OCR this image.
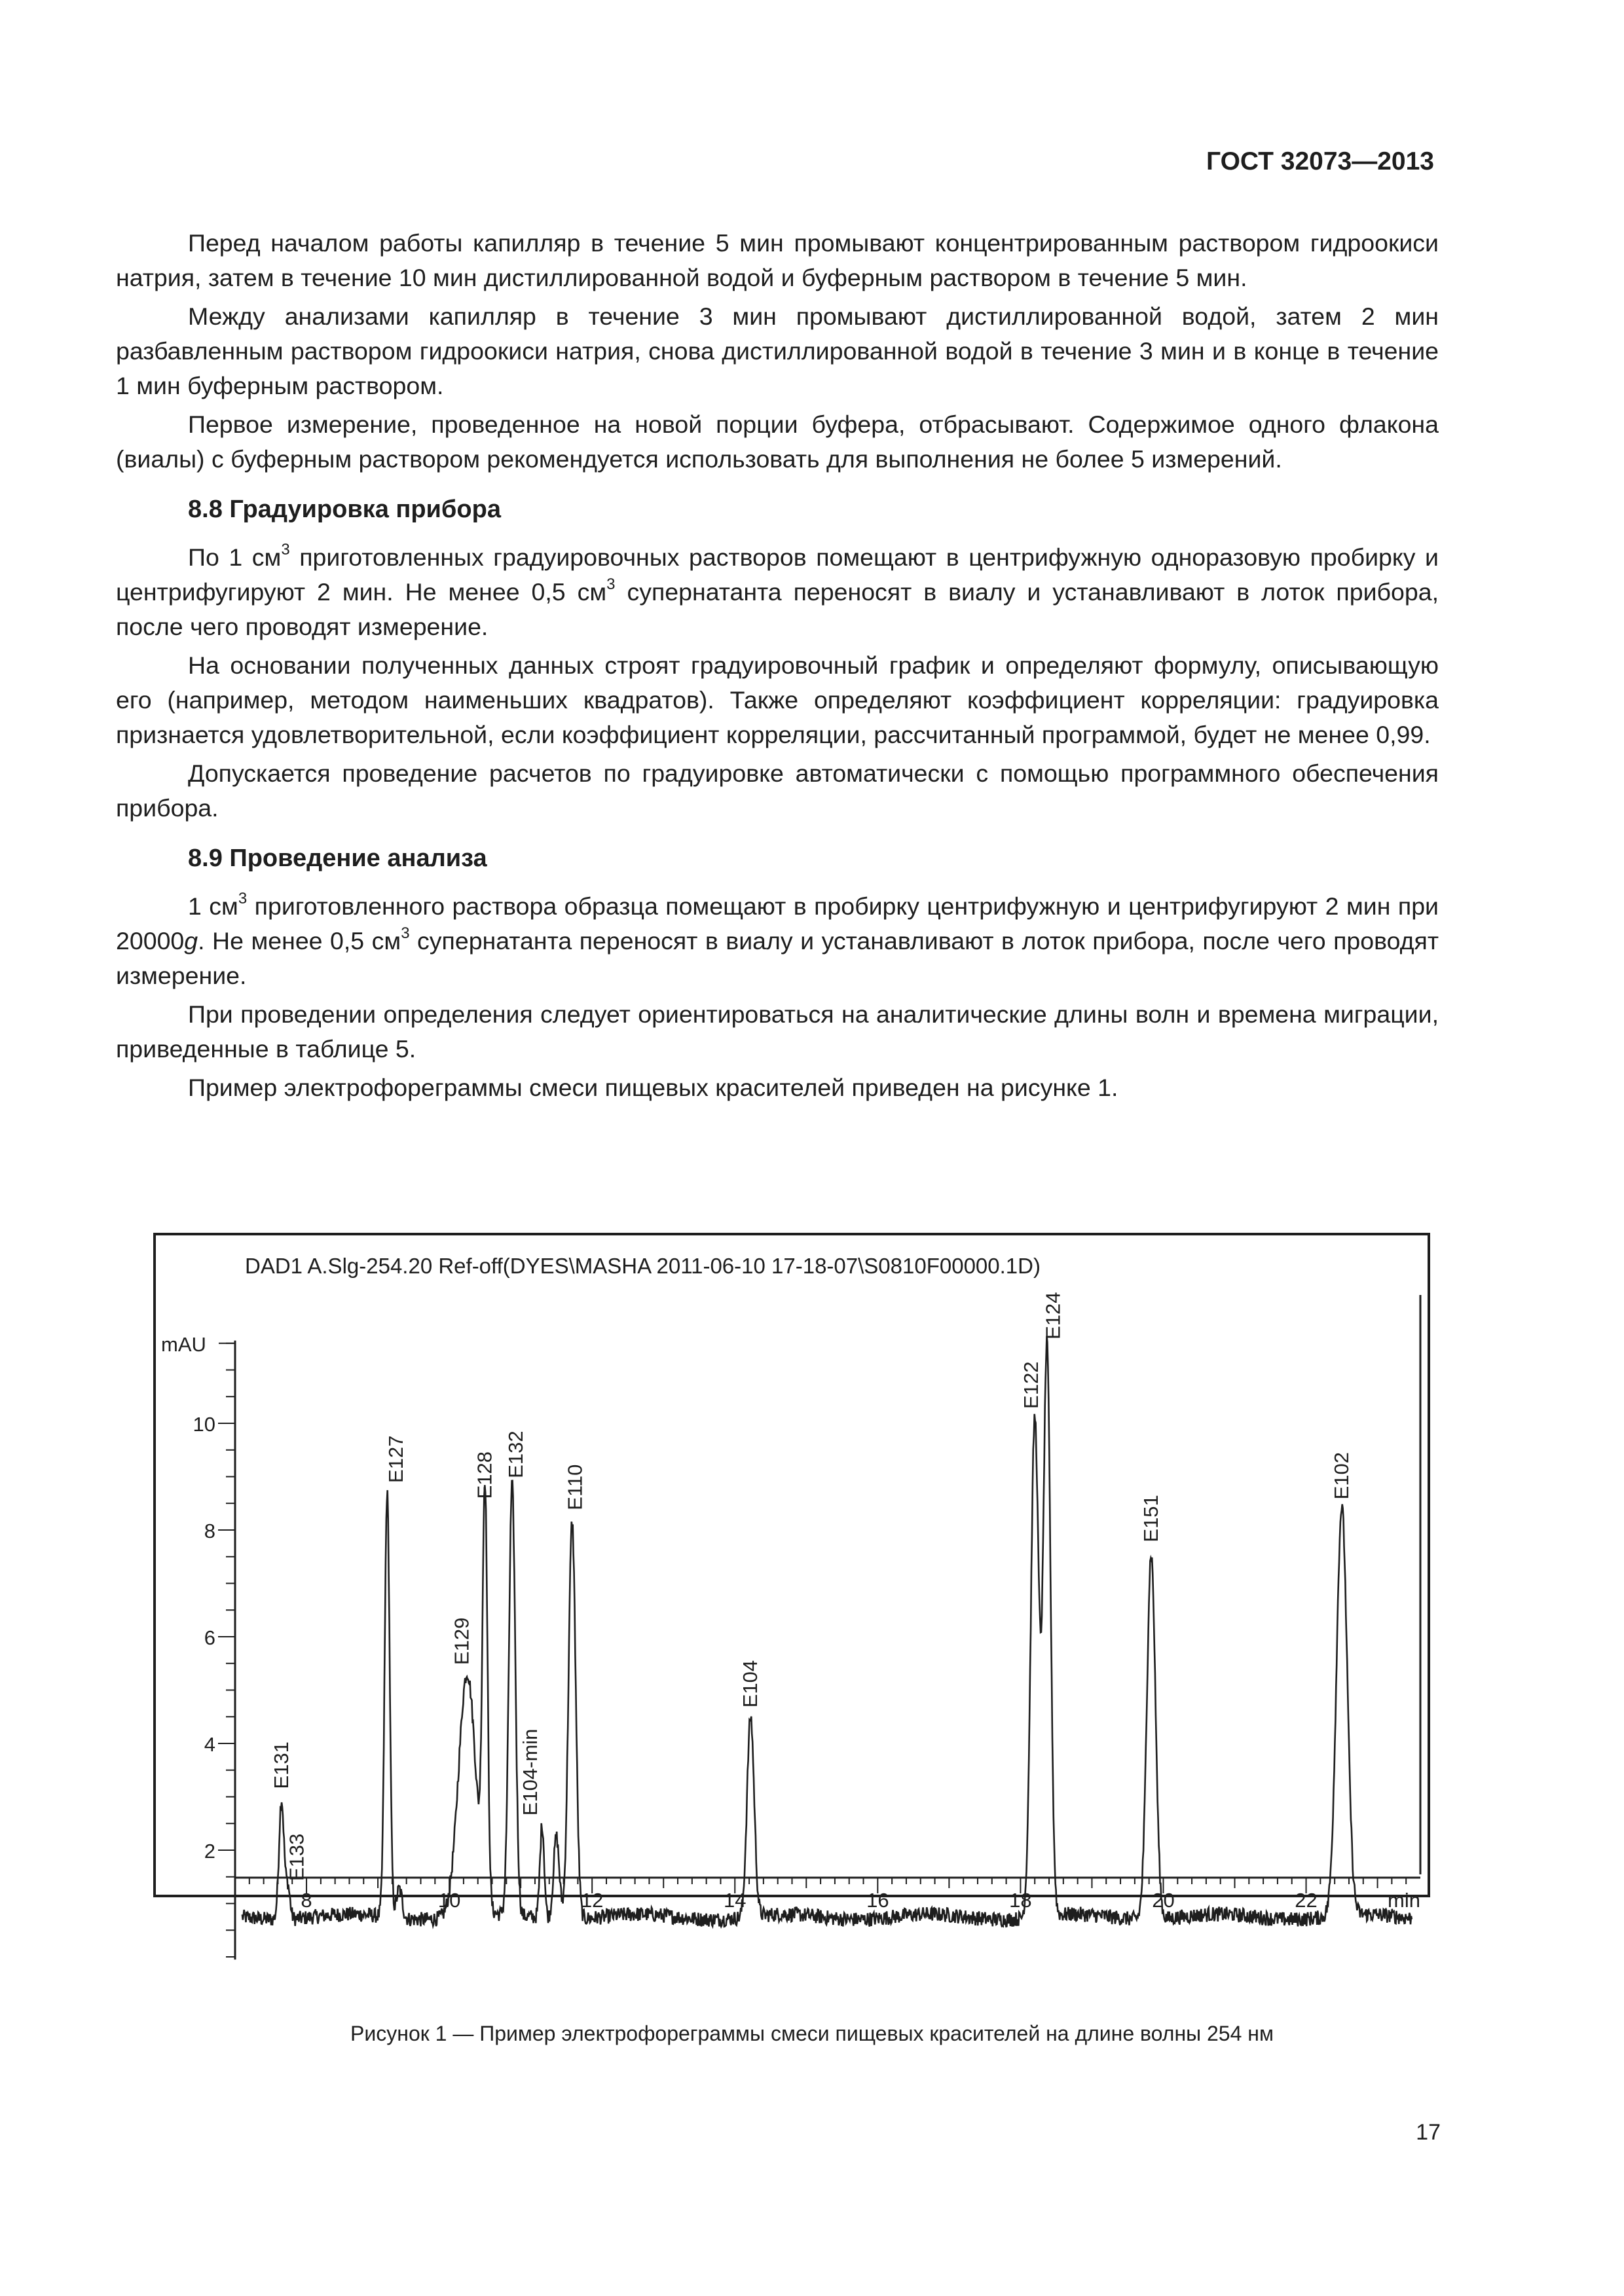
ГОСТ 32073—2013

Перед началом работы капилляр в течение 5 мин промывают концентрированным раствором гидроокиси натрия, затем в течение 10 мин дистиллированной водой и буферным раствором в течение 5 мин.

Между анализами капилляр в течение 3 мин промывают дистиллированной водой, затем 2 мин разбавленным раствором гидроокиси натрия, снова дистиллированной водой в течение 3 мин и в конце в течение 1 мин буферным раствором.

Первое измерение, проведенное на новой порции буфера, отбрасывают. Содержимое одного флакона (виалы) с буферным раствором рекомендуется использовать для выполнения не более 5 измерений.

8.8 Градуировка прибора

По 1 $см^3$ приготовленных градуировочных растворов помещают в центрифужную одноразовую пробирку и центрифугируют 2 мин. Не менее 0,5 $см^3$ супернатанта переносят в виалу и устанавливают в лоток прибора, после чего проводят измерение.

На основании полученных данных строят градуировочный график и определяют формулу, описывающую его (например, методом наименьших квадратов). Также определяют коэффициент корреляции: градуировка признается удовлетворительной, если коэффициент корреляции, рассчитанный программой, будет не менее 0,99.

Допускается проведение расчетов по градуировке автоматически с помощью программного обеспечения прибора.

8.9 Проведение анализа

1 $см^3$ приготовленного раствора образца помещают в пробирку центрифужную и центрифугируют 2 мин при 20000g. Не менее 0,5 $см^3$ супернатанта переносят в виалу и устанавливают в лоток прибора, после чего проводят измерение.

При проведении определения следует ориентироваться на аналитические длины волн и времена миграции, приведенные в таблице 5.

Пример электрофореграммы смеси пищевых красителей приведен на рисунке 1.

DAD1 A.Slg-254.20 Ref-off(DYES\MASHA 2011-06-10 17-18-07\S0810F00000.1D)
2
4
6
8
10
mAU
8	10	12	14	16	18	20	22	min
E131
E133
E127
E129
E128 E132
E104-min
E110
E104
E122
E124
E151
E102
Рисунок 1 — Пример электрофореграммы смеси пищевых красителей на длине волны 254 нм
17
